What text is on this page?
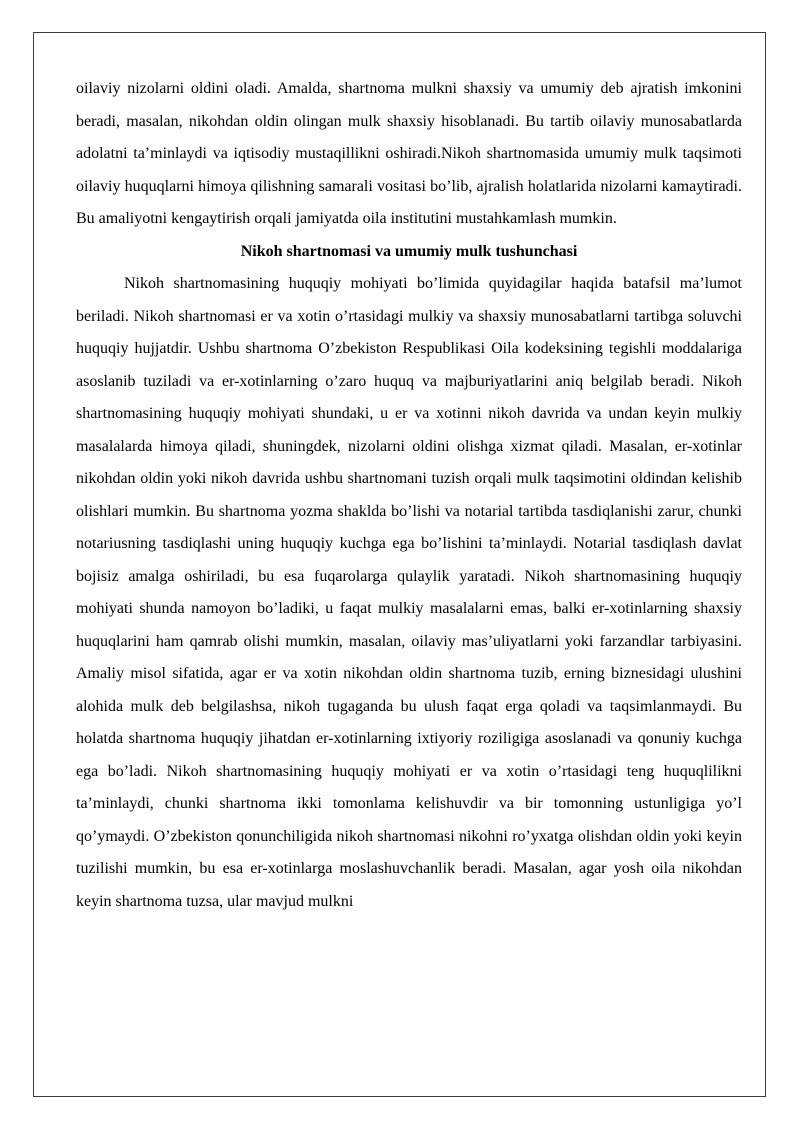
oilaviy nizolarni oldini oladi. Amalda, shartnoma mulkni shaxsiy va umumiy deb ajratish imkonini beradi, masalan, nikohdan oldin olingan mulk shaxsiy hisoblanadi. Bu tartib oilaviy munosabatlarda adolatni ta’minlaydi va iqtisodiy mustaqillikni oshiradi.Nikoh shartnomasida umumiy mulk taqsimoti oilaviy huquqlarni himoya qilishning samarali vositasi bo’lib, ajralish holatlarida nizolarni kamaytiradi. Bu amaliyotni kengaytirish orqali jamiyatda oila institutini mustahkamlash mumkin.

Nikoh shartnomasi va umumiy mulk tushunchasi

Nikoh shartnomasining huquqiy mohiyati bo’limida quyidagilar haqida batafsil ma’lumot beriladi. Nikoh shartnomasi er va xotin o’rtasidagi mulkiy va shaxsiy munosabatlarni tartibga soluvchi huquqiy hujjatdir. Ushbu shartnoma O’zbekiston Respublikasi Oila kodeksining tegishli moddalariga asoslanib tuziladi va er-xotinlarning o’zaro huquq va majburiyatlarini aniq belgilab beradi. Nikoh shartnomasining huquqiy mohiyati shundaki, u er va xotinni nikoh davrida va undan keyin mulkiy masalalarda himoya qiladi, shuningdek, nizolarni oldini olishga xizmat qiladi. Masalan, er-xotinlar nikohdan oldin yoki nikoh davrida ushbu shartnomani tuzish orqali mulk taqsimotini oldindan kelishib olishlari mumkin. Bu shartnoma yozma shaklda bo’lishi va notarial tartibda tasdiqlanishi zarur, chunki notariusning tasdiqlashi uning huquqiy kuchga ega bo’lishini ta’minlaydi. Notarial tasdiqlash davlat bojisiz amalga oshiriladi, bu esa fuqarolarga qulaylik yaratadi. Nikoh shartnomasining huquqiy mohiyati shunda namoyon bo’ladiki, u faqat mulkiy masalalarni emas, balki er-xotinlarning shaxsiy huquqlarini ham qamrab olishi mumkin, masalan, oilaviy mas’uliyatlarni yoki farzandlar tarbiyasini. Amaliy misol sifatida, agar er va xotin nikohdan oldin shartnoma tuzib, erning biznesidagi ulushini alohida mulk deb belgilashsa, nikoh tugaganda bu ulush faqat erga qoladi va taqsimlanmaydi. Bu holatda shartnoma huquqiy jihatdan er-xotinlarning ixtiyoriy roziligiga asoslanadi va qonuniy kuchga ega bo’ladi. Nikoh shartnomasining huquqiy mohiyati er va xotin o’rtasidagi teng huquqlilikni ta’minlaydi, chunki shartnoma ikki tomonlama kelishuvdir va bir tomonning ustunligiga yo’l qo’ymaydi. O’zbekiston qonunchiligida nikoh shartnomasi nikohni ro’yxatga olishdan oldin yoki keyin tuzilishi mumkin, bu esa er-xotinlarga moslashuvchanlik beradi. Masalan, agar yosh oila nikohdan keyin shartnoma tuzsa, ular mavjud mulkni
